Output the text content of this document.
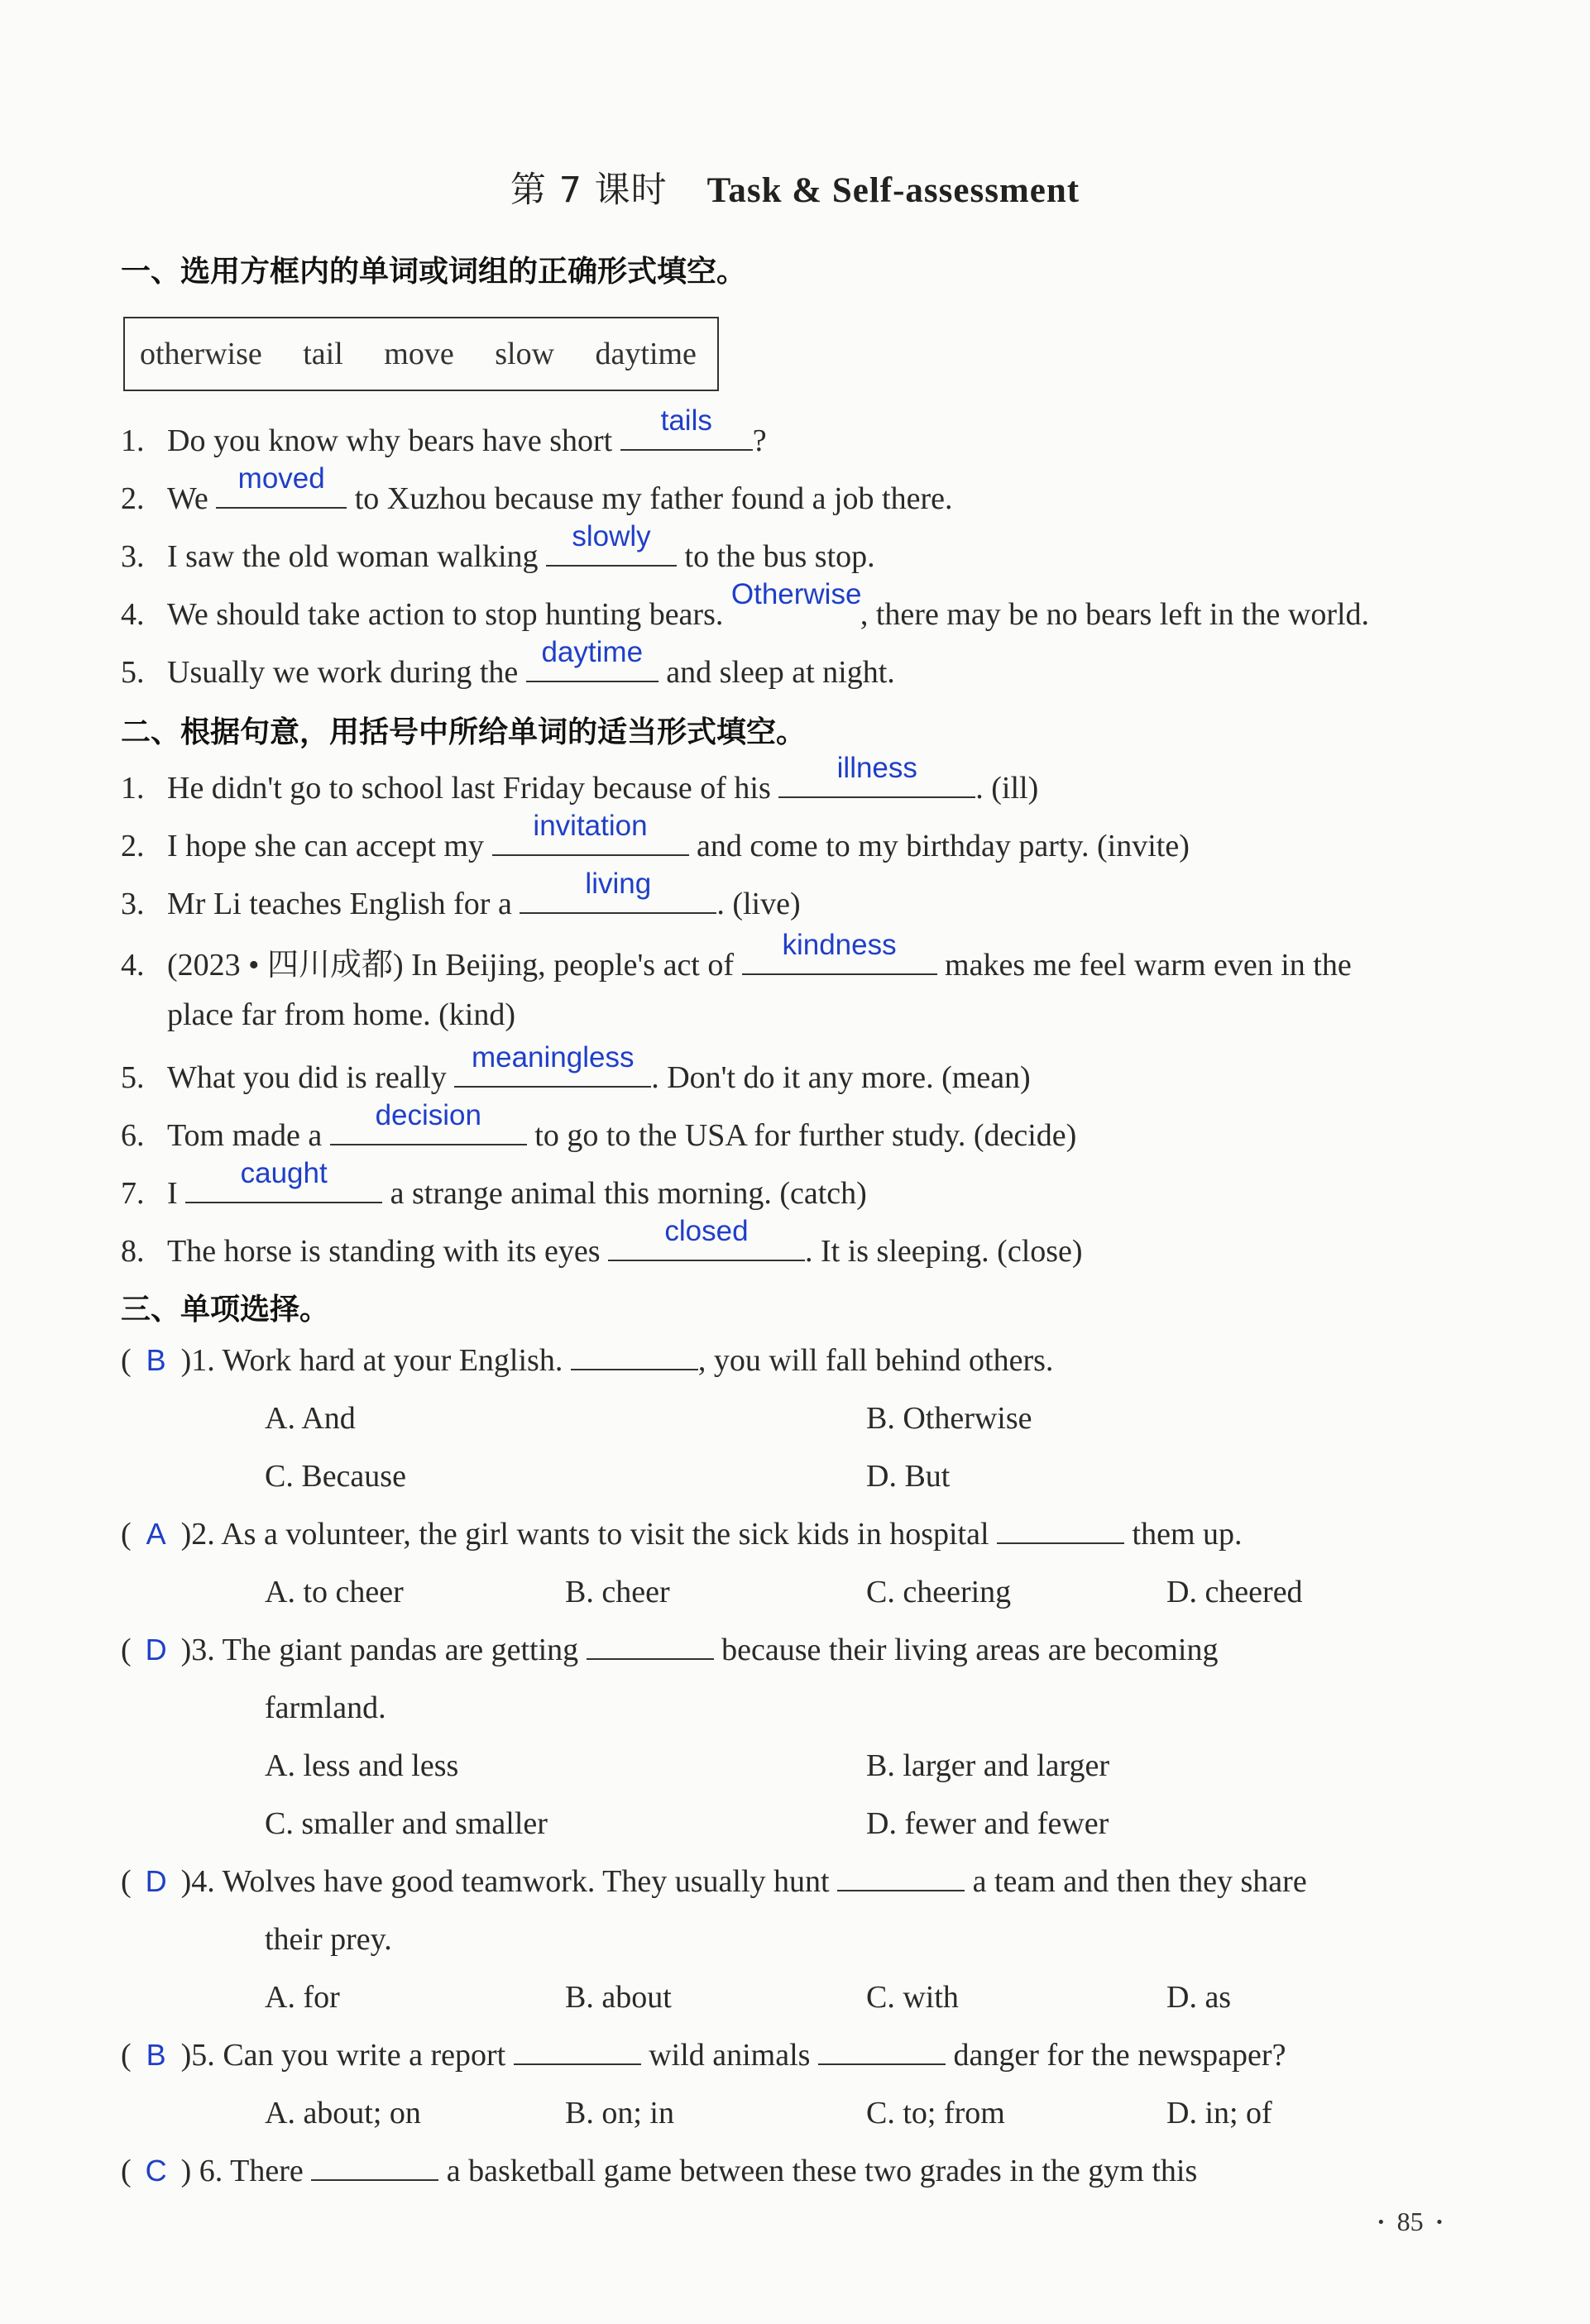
第 7 课时 Task & Self-assessment
一、选用方框内的单词或词组的正确形式填空。
otherwise tail move slow daytime
1. Do you know why bears have short
tails
?
2. We
moved
to Xuzhou because my father found a job there.
3. I saw the old woman walking
slowly
to the bus stop.
4. We should take action to stop hunting bears.
Otherwise
, there may be no bears left in the world.
5. Usually we work during the
daytime
and sleep at night.
二、根据句意，用括号中所给单词的适当形式填空。
1. He didn't go to school last Friday because of his
illness
. (ill)
2. I hope she can accept my
invitation
and come to my birthday party. (invite)
3. Mr Li teaches English for a
living
. (live)
4. (2023 • 四川成都) In Beijing, people's act of
kindness
makes me feel warm even in the
place far from home. (kind)
5. What you did is really
meaningless
. Don't do it any more. (mean)
6. Tom made a
decision
to go to the USA for further study. (decide)
7. I
caught
a strange animal this morning. (catch)
8. The horse is standing with its eyes
closed
. It is sleeping. (close)
三、单项选择。
( B )1. Work hard at your English.	, you will fall behind others.
A. And	B. Otherwise
C. Because	D. But
( A )2. As a volunteer, the girl wants to visit the sick kids in hospital	them up.
A. to cheer	B. cheer	C. cheering	D. cheered
( D )3. The giant pandas are getting	because their living areas are becoming
farmland.
A. less and less	B. larger and larger
C. smaller and smaller	D. fewer and fewer
( D )4. Wolves have good teamwork. They usually hunt	a team and then they share
their prey.
A. for	B. about	C. with	D. as
( B )5. Can you write a report	wild animals	danger for the newspaper?
A. about; on	B. on; in	C. to; from	D. in; of
( C ) 6. There	a basketball game between these two grades in the gym this
· 85 ·
